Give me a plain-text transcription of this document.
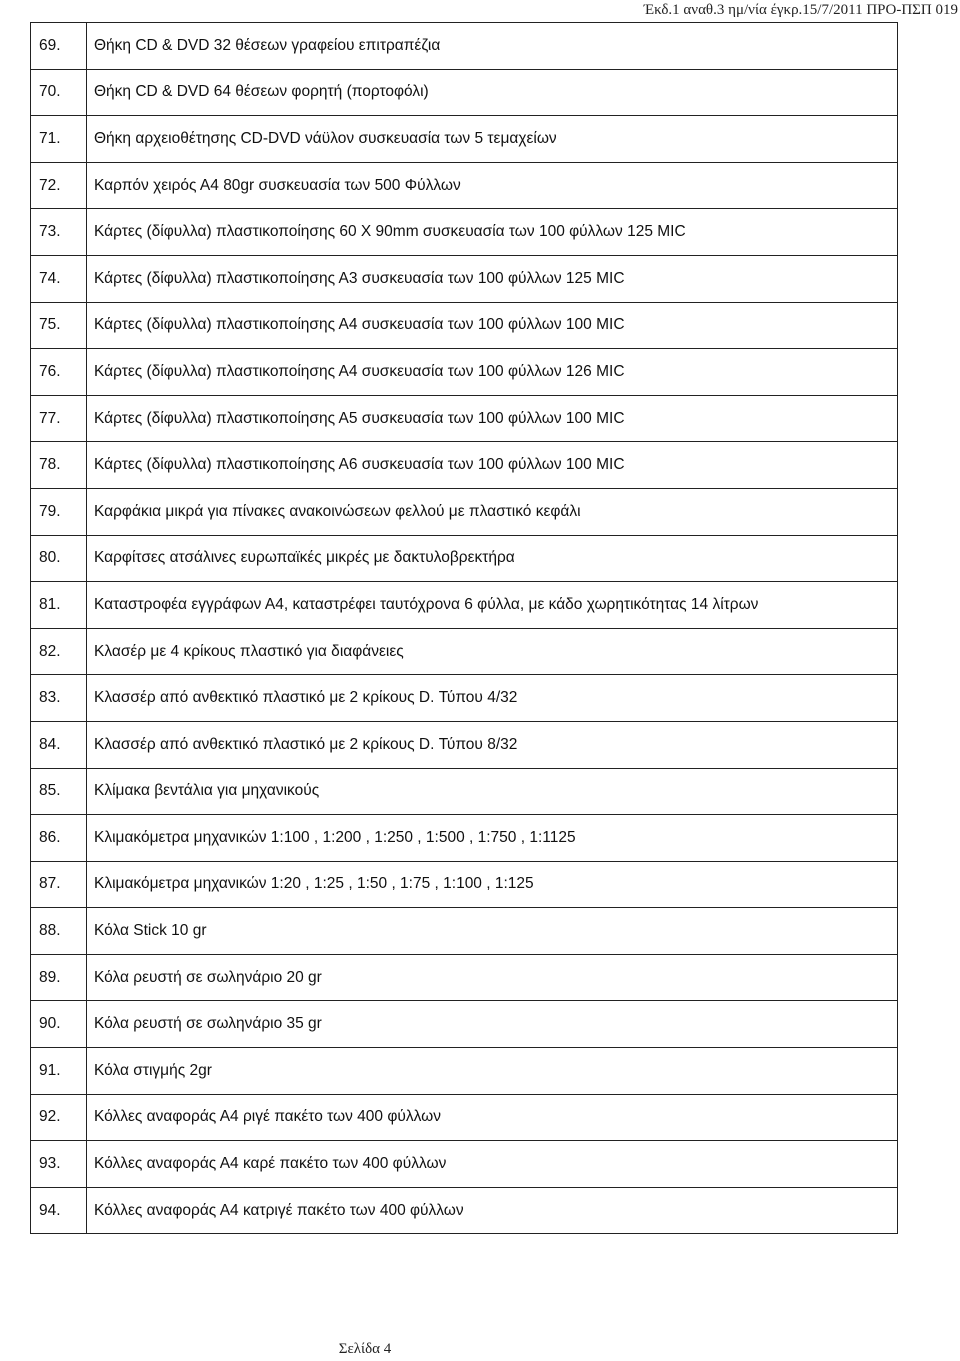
Έκδ.1 αναθ.3 ημ/νία έγκρ.15/7/2011 ΠΡΟ-ΠΣΠ 019
69.	Θήκη CD & DVD 32 θέσεων γραφείου επιτραπέζια
70.	Θήκη CD & DVD 64 θέσεων φορητή (πορτοφόλι)
71.	Θήκη αρχειοθέτησης CD-DVD νάϋλον συσκευασία των 5 τεμαχείων
72.	Καρπόν χειρός Α4 80gr συσκευασία των 500 Φύλλων
73.	Κάρτες (δίφυλλα) πλαστικοποίησης 60 Χ 90mm συσκευασία των 100 φύλλων 125 MIC
74.	Κάρτες (δίφυλλα) πλαστικοποίησης Α3 συσκευασία των 100 φύλλων 125 MIC
75.	Κάρτες (δίφυλλα) πλαστικοποίησης Α4 συσκευασία των 100 φύλλων 100 MIC
76.	Κάρτες (δίφυλλα) πλαστικοποίησης Α4 συσκευασία των 100 φύλλων 126 MIC
77.	Κάρτες (δίφυλλα) πλαστικοποίησης Α5 συσκευασία των 100 φύλλων 100 MIC
78.	Κάρτες (δίφυλλα) πλαστικοποίησης Α6 συσκευασία των 100 φύλλων 100 MIC
79.	Καρφάκια μικρά για πίνακες ανακοινώσεων φελλού με πλαστικό κεφάλι
80.	Καρφίτσες ατσάλινες ευρωπαϊκές μικρές με δακτυλοβρεκτήρα
81.	Καταστροφέα εγγράφων Α4, καταστρέφει ταυτόχρονα 6 φύλλα, με κάδο χωρητικότητας 14 λίτρων
82.	Κλασέρ με 4 κρίκους πλαστικό για διαφάνειες
83.	Κλασσέρ από ανθεκτικό πλαστικό με 2 κρίκους D. Τύπου 4/32
84.	Κλασσέρ από ανθεκτικό πλαστικό με 2 κρίκους D. Τύπου 8/32
85.	Κλίμακα βεντάλια για μηχανικούς
86.	Κλιμακόμετρα μηχανικών 1:100 , 1:200 , 1:250 , 1:500 , 1:750 , 1:1125
87.	Κλιμακόμετρα μηχανικών 1:20 , 1:25 , 1:50 , 1:75 , 1:100 , 1:125
88.	Κόλα Stick 10 gr
89.	Κόλα ρευστή σε σωληνάριο 20 gr
90.	Κόλα ρευστή σε σωληνάριο 35 gr
91.	Κόλα στιγμής 2gr
92.	Κόλλες αναφοράς Α4 ριγέ πακέτο των 400 φύλλων
93.	Κόλλες αναφοράς Α4 καρέ πακέτο των 400 φύλλων
94.	Κόλλες αναφοράς Α4 κατριγέ πακέτο των 400 φύλλων
Σελίδα 4
